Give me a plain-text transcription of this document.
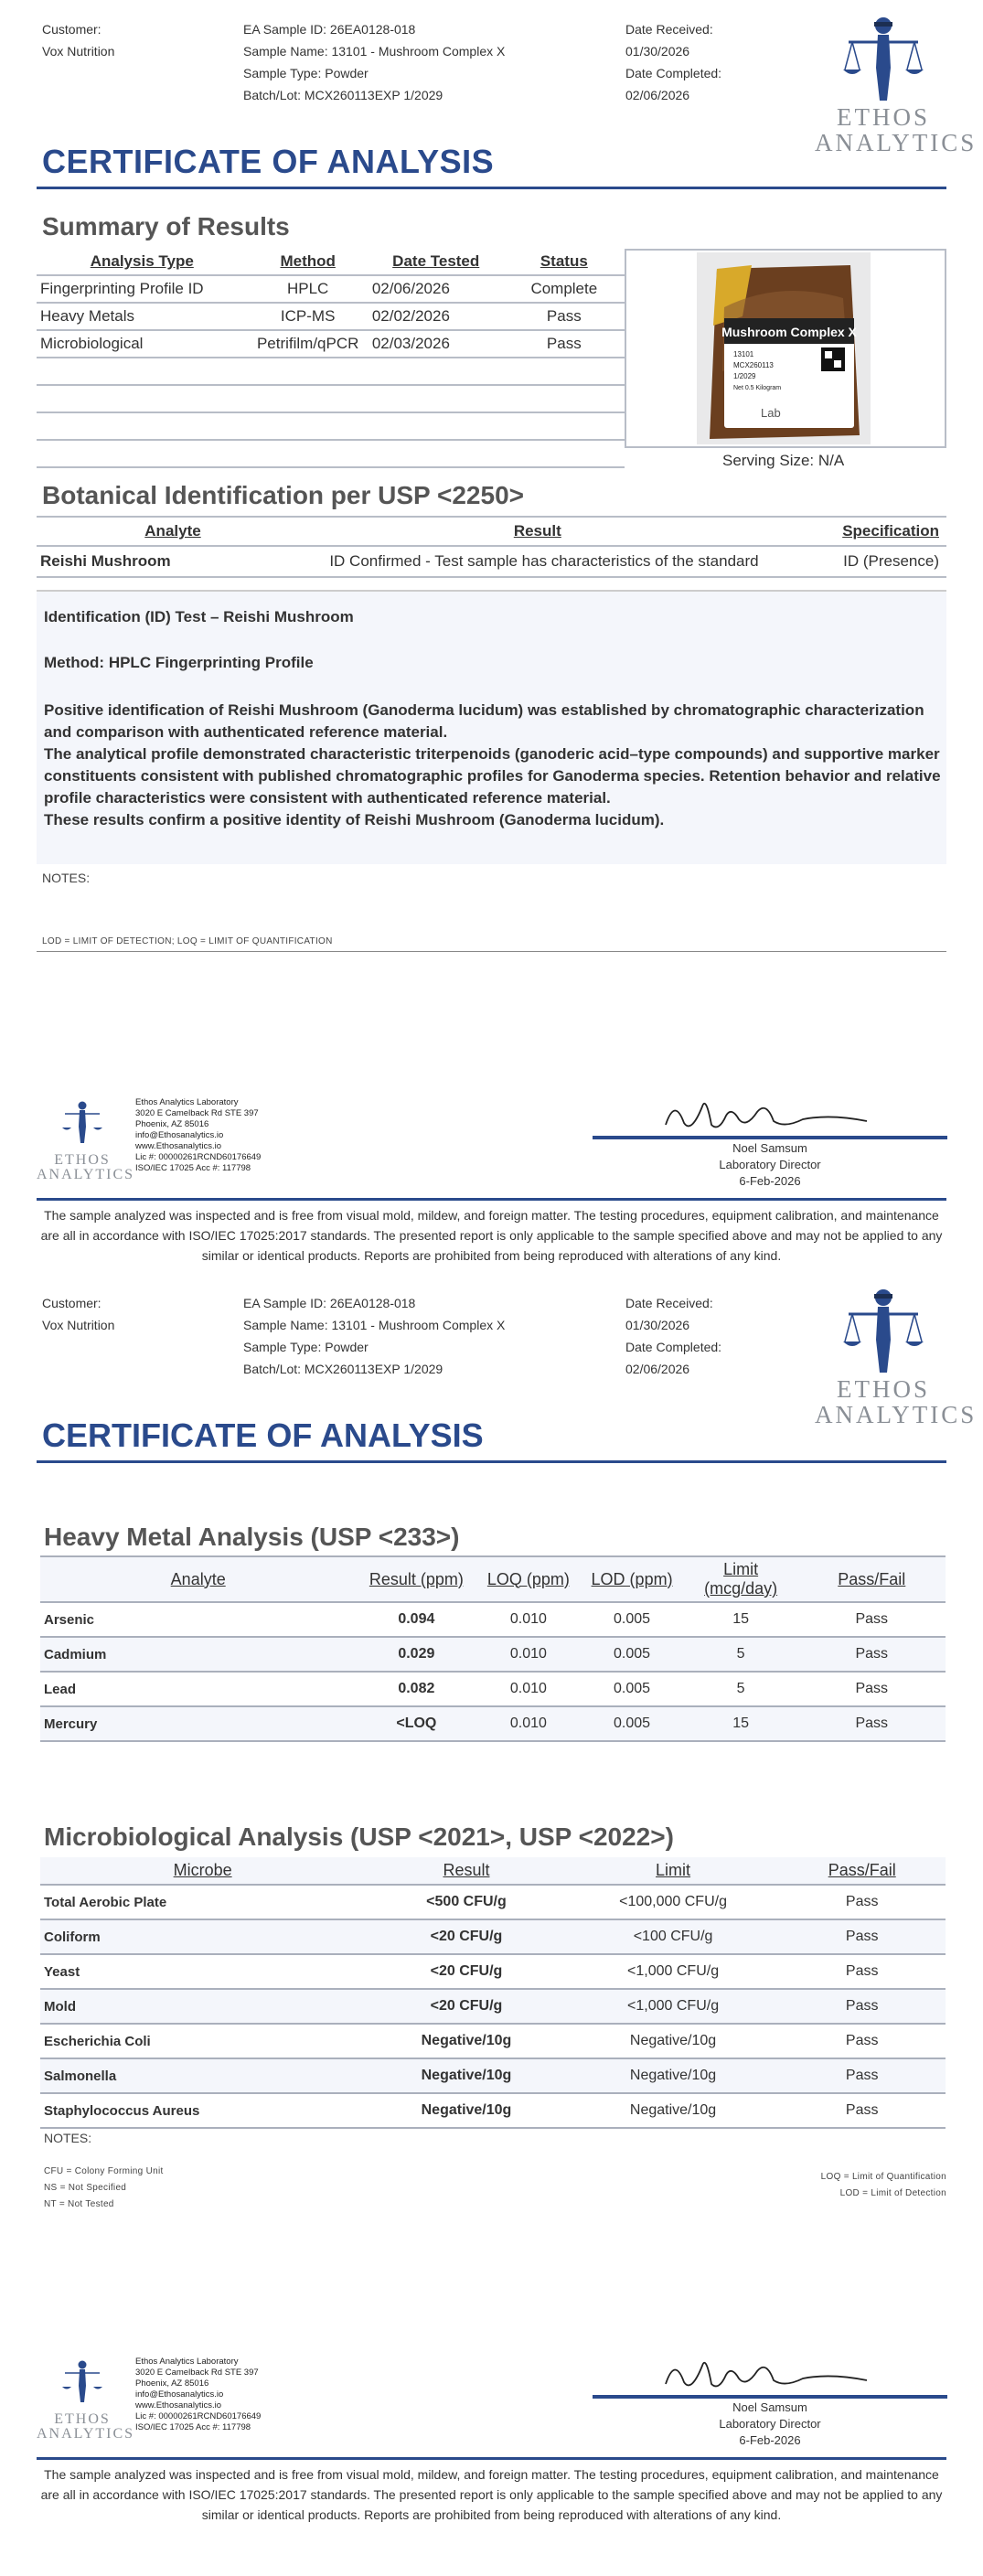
Customer:
Vox Nutrition
EA Sample ID: 26EA0128-018
Sample Name: 13101 - Mushroom Complex X
Sample Type: Powder
Batch/Lot: MCX260113EXP 1/2029
Date Received:
01/30/2026
Date Completed:
02/06/2026
ETHOS
ANALYTICS
CERTIFICATE OF ANALYSIS
Summary of Results
Analysis Type	Method	Date Tested	Status
Fingerprinting Profile ID	HPLC	02/06/2026	Complete
Heavy Metals	ICP-MS	02/02/2026	Pass
Microbiological	Petrifilm/qPCR	02/03/2026	Pass

Mushroom Complex X
13101
MCX260113
1/2029
Net 0.5 Kilogram
Lab
Serving Size: N/A
Botanical Identification per USP <2250>
Analyte	Result	Specification
Reishi Mushroom	ID Confirmed - Test sample has characteristics of the standard	ID (Presence)

Identification (ID) Test – Reishi Mushroom

Method: HPLC Fingerprinting Profile

Positive identification of Reishi Mushroom (Ganoderma lucidum) was established by chromatographic characterization and comparison with authenticated reference material.

The analytical profile demonstrated characteristic triterpenoids (ganoderic acid–type compounds) and supportive marker constituents consistent with published chromatographic profiles for Ganoderma species. Retention behavior and relative profile characteristics were consistent with authenticated reference material.

These results confirm a positive identity of Reishi Mushroom (Ganoderma lucidum).

NOTES:
LOD = LIMIT OF DETECTION; LOQ = LIMIT OF QUANTIFICATION
ETHOS
ANALYTICS
Ethos Analytics Laboratory
3020 E Camelback Rd STE 397
Phoenix, AZ 85016
info@Ethosanalytics.io
www.Ethosanalytics.io
Lic #: 00000261RCND60176649
ISO/IEC 17025 Acc #: 117798
Noel Samsum
Laboratory Director
6-Feb-2026
The sample analyzed was inspected and is free from visual mold, mildew, and foreign matter. The testing procedures, equipment calibration, and maintenance are all in accordance with ISO/IEC 17025:2017 standards. The presented report is only applicable to the sample specified above and may not be applied to any similar or identical products. Reports are prohibited from being reproduced with alterations of any kind.
Customer:
Vox Nutrition
EA Sample ID: 26EA0128-018
Sample Name: 13101 - Mushroom Complex X
Sample Type: Powder
Batch/Lot: MCX260113EXP 1/2029
Date Received:
01/30/2026
Date Completed:
02/06/2026
ETHOS
ANALYTICS
CERTIFICATE OF ANALYSIS
Heavy Metal Analysis (USP <233>)
Analyte	Result (ppm)	LOQ (ppm)	LOD (ppm)	Limit (mcg/day)	Pass/Fail
Arsenic	0.094	0.010	0.005	15	Pass
Cadmium	0.029	0.010	0.005	5	Pass
Lead	0.082	0.010	0.005	5	Pass
Mercury	<LOQ	0.010	0.005	15	Pass
Microbiological Analysis (USP <2021>, USP <2022>)
Microbe	Result	Limit	Pass/Fail
Total Aerobic Plate	<500 CFU/g	<100,000 CFU/g	Pass
Coliform	<20 CFU/g	<100 CFU/g	Pass
Yeast	<20 CFU/g	<1,000 CFU/g	Pass
Mold	<20 CFU/g	<1,000 CFU/g	Pass
Escherichia Coli	Negative/10g	Negative/10g	Pass
Salmonella	Negative/10g	Negative/10g	Pass
Staphylococcus Aureus	Negative/10g	Negative/10g	Pass
NOTES:
CFU = Colony Forming Unit
NS = Not Specified
NT = Not Tested
LOQ = Limit of Quantification
LOD = Limit of Detection
ETHOS
ANALYTICS
Ethos Analytics Laboratory
3020 E Camelback Rd STE 397
Phoenix, AZ 85016
info@Ethosanalytics.io
www.Ethosanalytics.io
Lic #: 00000261RCND60176649
ISO/IEC 17025 Acc #: 117798
Noel Samsum
Laboratory Director
6-Feb-2026
The sample analyzed was inspected and is free from visual mold, mildew, and foreign matter. The testing procedures, equipment calibration, and maintenance are all in accordance with ISO/IEC 17025:2017 standards. The presented report is only applicable to the sample specified above and may not be applied to any similar or identical products. Reports are prohibited from being reproduced with alterations of any kind.
